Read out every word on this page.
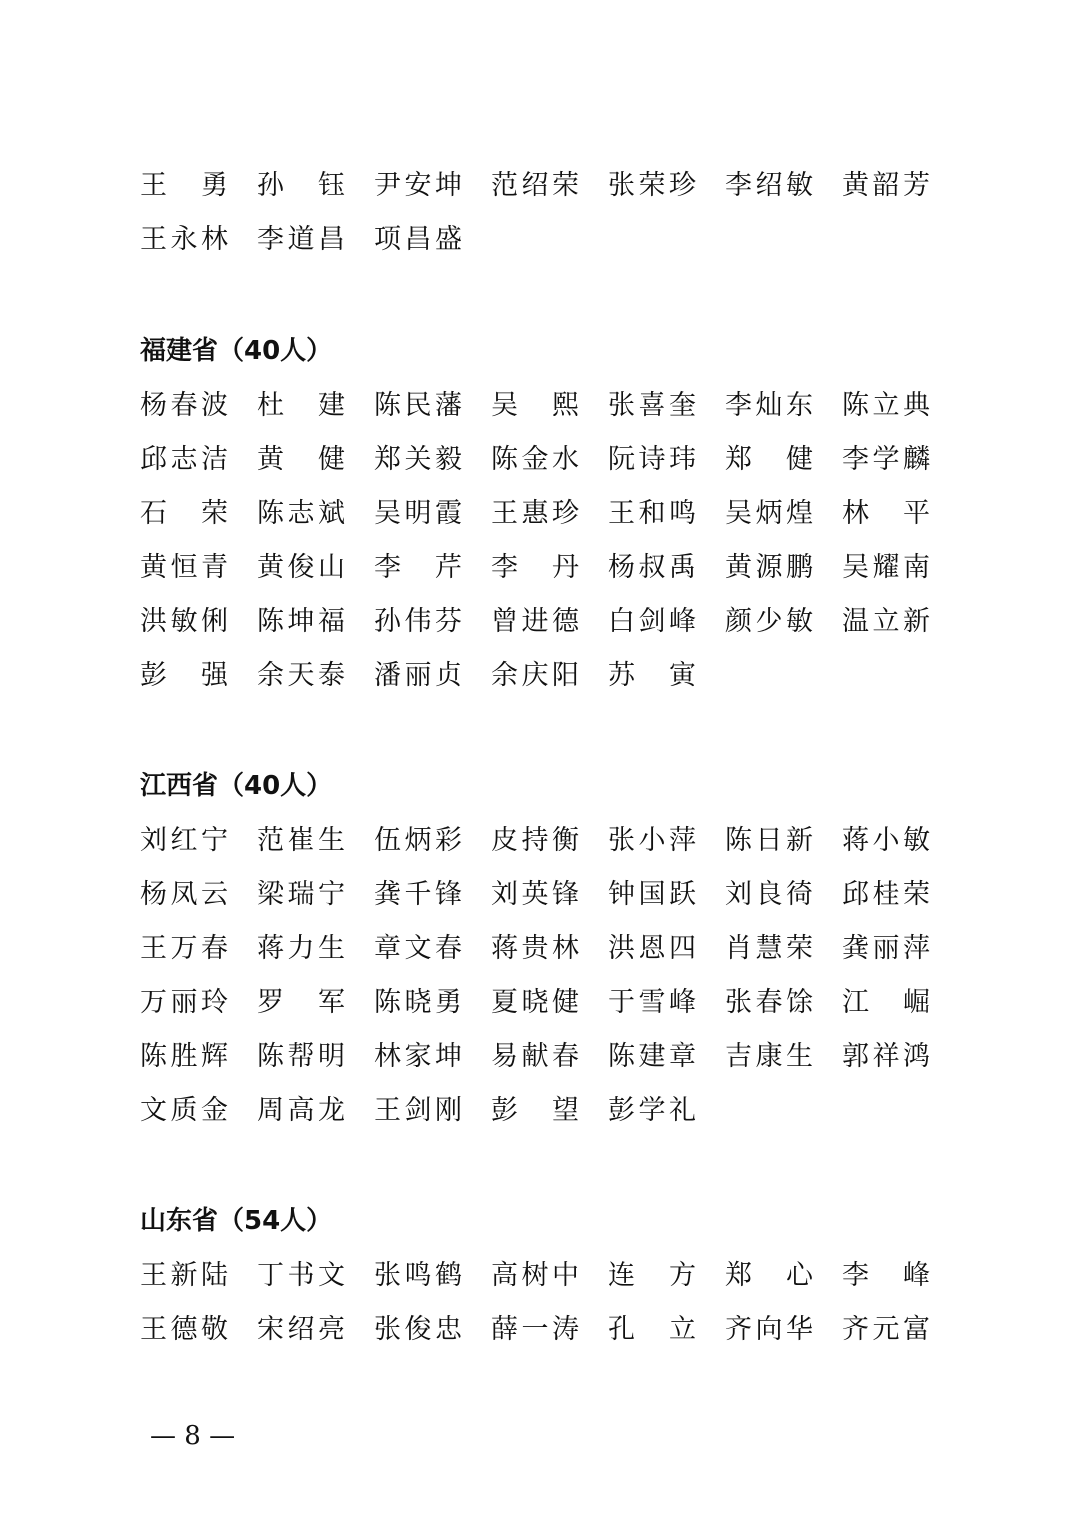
王 勇 孙 钰 尹安坤 范绍荣 张荣珍 李绍敏 黄韶芳
王永林 李道昌 项昌盛
福建省（40人）
杨春波 杜 建 陈民藩 吴 熙 张喜奎 李灿东 陈立典
邱志洁 黄 健 郑关毅 陈金水 阮诗玮 郑 健 李学麟
石 荣 陈志斌 吴明霞 王惠珍 王和鸣 吴炳煌 林 平
黄恒青 黄俊山 李 芹 李 丹 杨叔禹 黄源鹏 吴耀南
洪敏俐 陈坤福 孙伟芬 曾进德 白剑峰 颜少敏 温立新
彭 强 余天泰 潘丽贞 余庆阳 苏 寅
江西省（40人）
刘红宁 范崔生 伍炳彩 皮持衡 张小萍 陈日新 蒋小敏
杨凤云 梁瑞宁 龚千锋 刘英锋 钟国跃 刘良徛 邱桂荣
王万春 蒋力生 章文春 蒋贵林 洪恩四 肖慧荣 龚丽萍
万丽玲 罗 军 陈晓勇 夏晓健 于雪峰 张春馀 江 崛
陈胜辉 陈帮明 林家坤 易献春 陈建章 吉康生 郭祥鸿
文质金 周高龙 王剑刚 彭 望 彭学礼
山东省（54人）
王新陆 丁书文 张鸣鹤 高树中 连 方 郑 心 李 峰
王德敬 宋绍亮 张俊忠 薛一涛 孔 立 齐向华 齐元富
— 8 —
